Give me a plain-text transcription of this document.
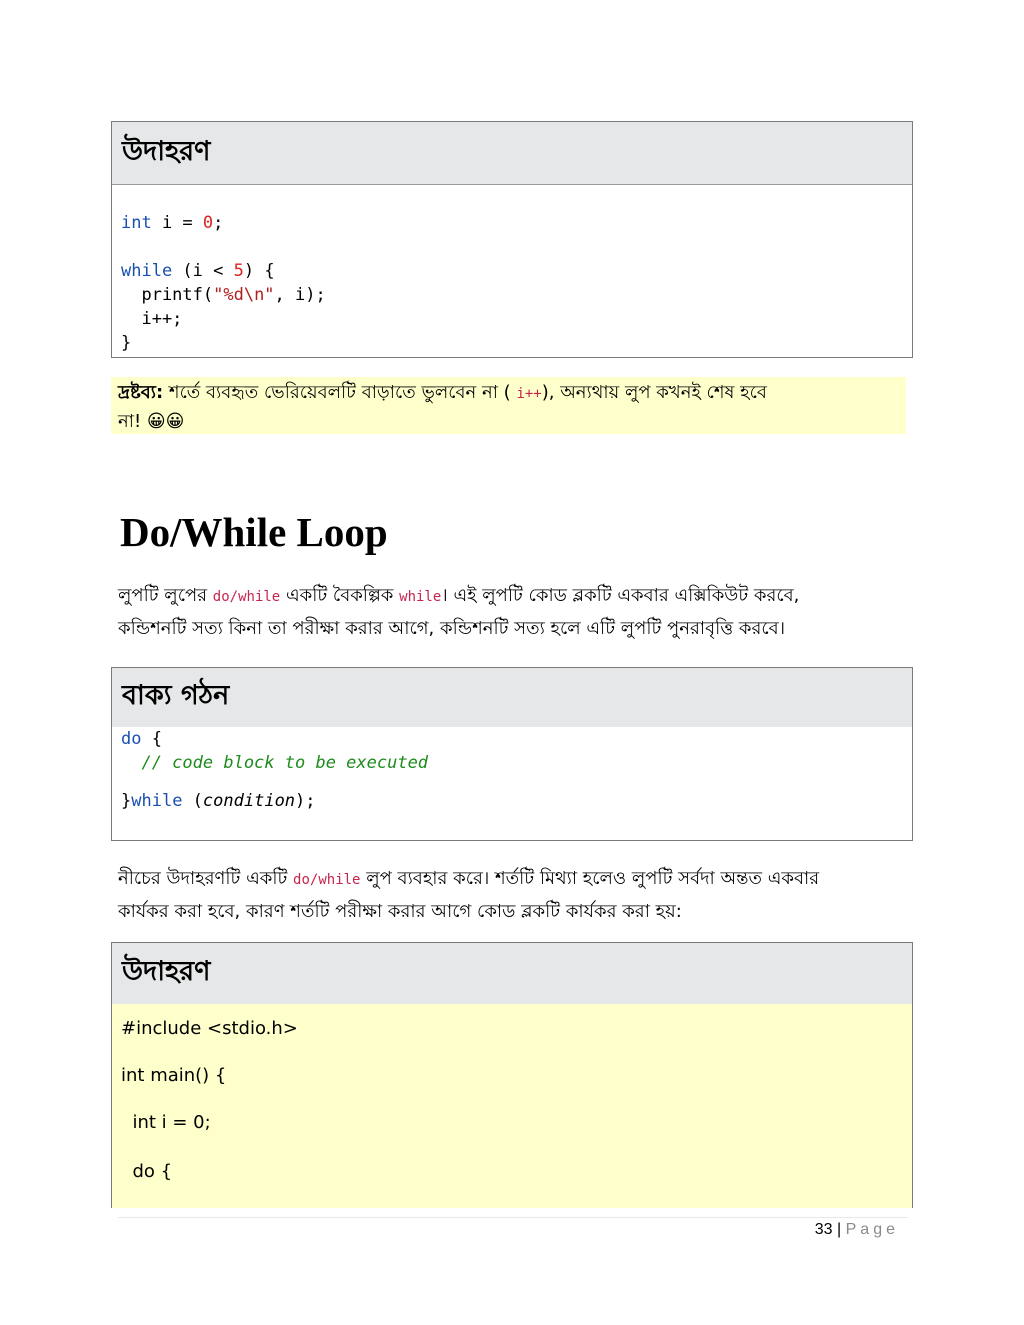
উদাহরণ

int i = 0;

while (i < 5) {
printf("%d\n", i);
i++;
}
দ্রষ্টব্য: শর্তে ব্যবহৃত ভেরিয়েবলটি বাড়াতে ভুলবেন না ( i++), অন্যথায় লুপ কখনই শেষ হবে
না! 😀😀
Do/While Loop
লুপটি লুপের do/while একটি বৈকল্পিক while। এই লুপটি কোড ব্লকটি একবার এক্সিকিউট করবে,
কন্ডিশনটি সত্য কিনা তা পরীক্ষা করার আগে, কন্ডিশনটি সত্য হলে এটি লুপটি পুনরাবৃত্তি করবে।
বাক্য গঠন
do {
// code block to be executed
}while (condition);
নীচের উদাহরণটি একটি do/while লুপ ব্যবহার করে। শর্তটি মিথ্যা হলেও লুপটি সর্বদা অন্তত একবার
কার্যকর করা হবে, কারণ শর্তটি পরীক্ষা করার আগে কোড ব্লকটি কার্যকর করা হয়:
উদাহরণ
#include <stdio.h>
int main() {
int i = 0;
do {
33 | Page
